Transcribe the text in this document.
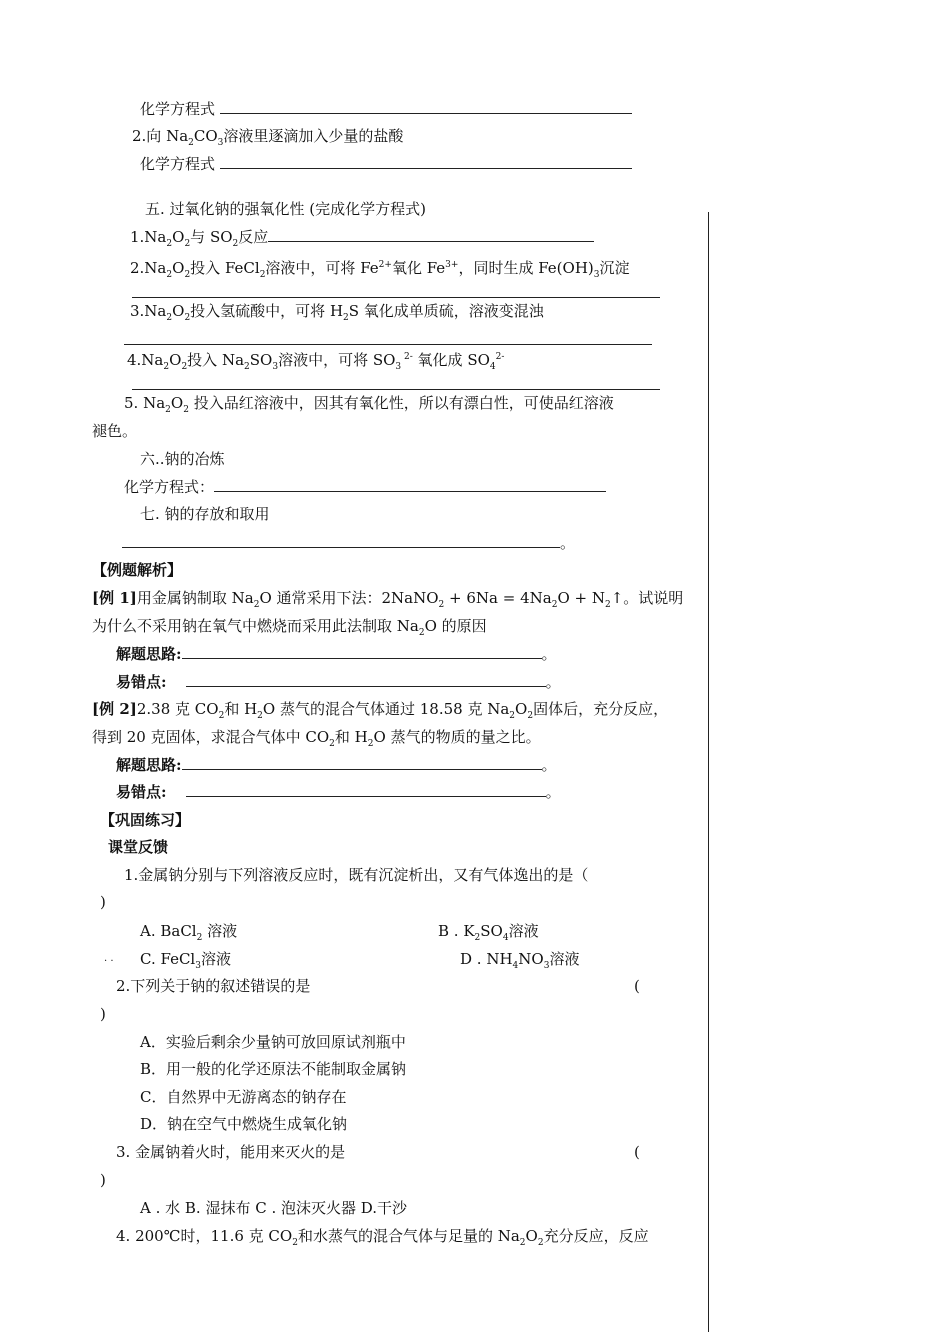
化学方程式
2.向 $Na_2CO_3$溶液里逐滴加入少量的盐酸
化学方程式
五. 过氧化钠的强氧化性 (完成化学方程式)
$1.Na_2O_2$与 $SO_2$反应
$2.Na_2O_2$投入 FeCl$_2$溶液中，可将 $Fe^{2+}$氧化 $Fe^{3+}$，同时生成 $Fe(OH)_3$沉淀
$3.Na_2O_2$投入氢硫酸中，可将 $H_2S$ 氧化成单质硫，溶液变混浊
$4.Na_2O_2$投入 $Na_2SO_3$溶液中，可将 $SO_3$ $^{2-}$ 氧化成 $SO_4^{2-}$
5. $Na_2O_2$ 投入品红溶液中，因其有氧化性，所以有漂白性，可使品红溶液
褪色。
六..钠的冶炼
化学方程式：
七. 钠的存放和取用
。
【例题解析】
[例 1]用金属钠制取 $Na_2O$ 通常采用下法：2NaNO$_2$ + $6Na = 4Na_2O$ + $N_2↑$。试说明
为什么不采用钠在氧气中燃烧而采用此法制取 $Na_2O$ 的原因
解题思路:	。
易错点:	。
[例 2]2.38 克 $CO_2$和 $H_2O$ 蒸气的混合气体通过 18.58 克 $Na_2O_2$固体后，充分反应，
得到 20 克固体，求混合气体中 $CO_2$和 $H_2O$ 蒸气的物质的量之比。
解题思路:	。
易错点:	。
【巩固练习】
课堂反馈
1.金属钠分别与下列溶液反应时，既有沉淀析出，又有气体逸出的是（
)
A. BaCl$_2$ 溶液	B . $K_2SO_4$溶液
. . C. FeCl$_3$溶液	D . $NH_4NO_3$溶液
2.下列关于钠的叙述错误的是	(
)
A．实验后剩余少量钠可放回原试剂瓶中
B．用一般的化学还原法不能制取金属钠
C．自然界中无游离态的钠存在
D．钠在空气中燃烧生成氧化钠
3. 金属钠着火时，能用来灭火的是	(
)
A . 水 B. 湿抹布 C . 泡沫灭火器 D.干沙
4. 200℃时，11.6 克 $CO_2$和水蒸气的混合气体与足量的 $Na_2O_2$充分反应，反应
